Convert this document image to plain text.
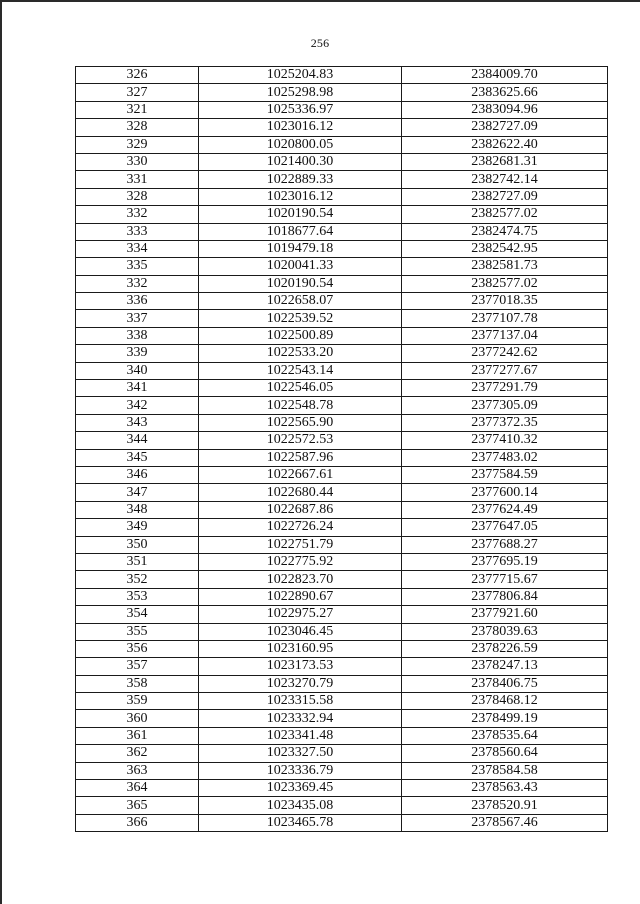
256
326	1025204.83	2384009.70
327	1025298.98	2383625.66
321	1025336.97	2383094.96
328	1023016.12	2382727.09
329	1020800.05	2382622.40
330	1021400.30	2382681.31
331	1022889.33	2382742.14
328	1023016.12	2382727.09
332	1020190.54	2382577.02
333	1018677.64	2382474.75
334	1019479.18	2382542.95
335	1020041.33	2382581.73
332	1020190.54	2382577.02
336	1022658.07	2377018.35
337	1022539.52	2377107.78
338	1022500.89	2377137.04
339	1022533.20	2377242.62
340	1022543.14	2377277.67
341	1022546.05	2377291.79
342	1022548.78	2377305.09
343	1022565.90	2377372.35
344	1022572.53	2377410.32
345	1022587.96	2377483.02
346	1022667.61	2377584.59
347	1022680.44	2377600.14
348	1022687.86	2377624.49
349	1022726.24	2377647.05
350	1022751.79	2377688.27
351	1022775.92	2377695.19
352	1022823.70	2377715.67
353	1022890.67	2377806.84
354	1022975.27	2377921.60
355	1023046.45	2378039.63
356	1023160.95	2378226.59
357	1023173.53	2378247.13
358	1023270.79	2378406.75
359	1023315.58	2378468.12
360	1023332.94	2378499.19
361	1023341.48	2378535.64
362	1023327.50	2378560.64
363	1023336.79	2378584.58
364	1023369.45	2378563.43
365	1023435.08	2378520.91
366	1023465.78	2378567.46
